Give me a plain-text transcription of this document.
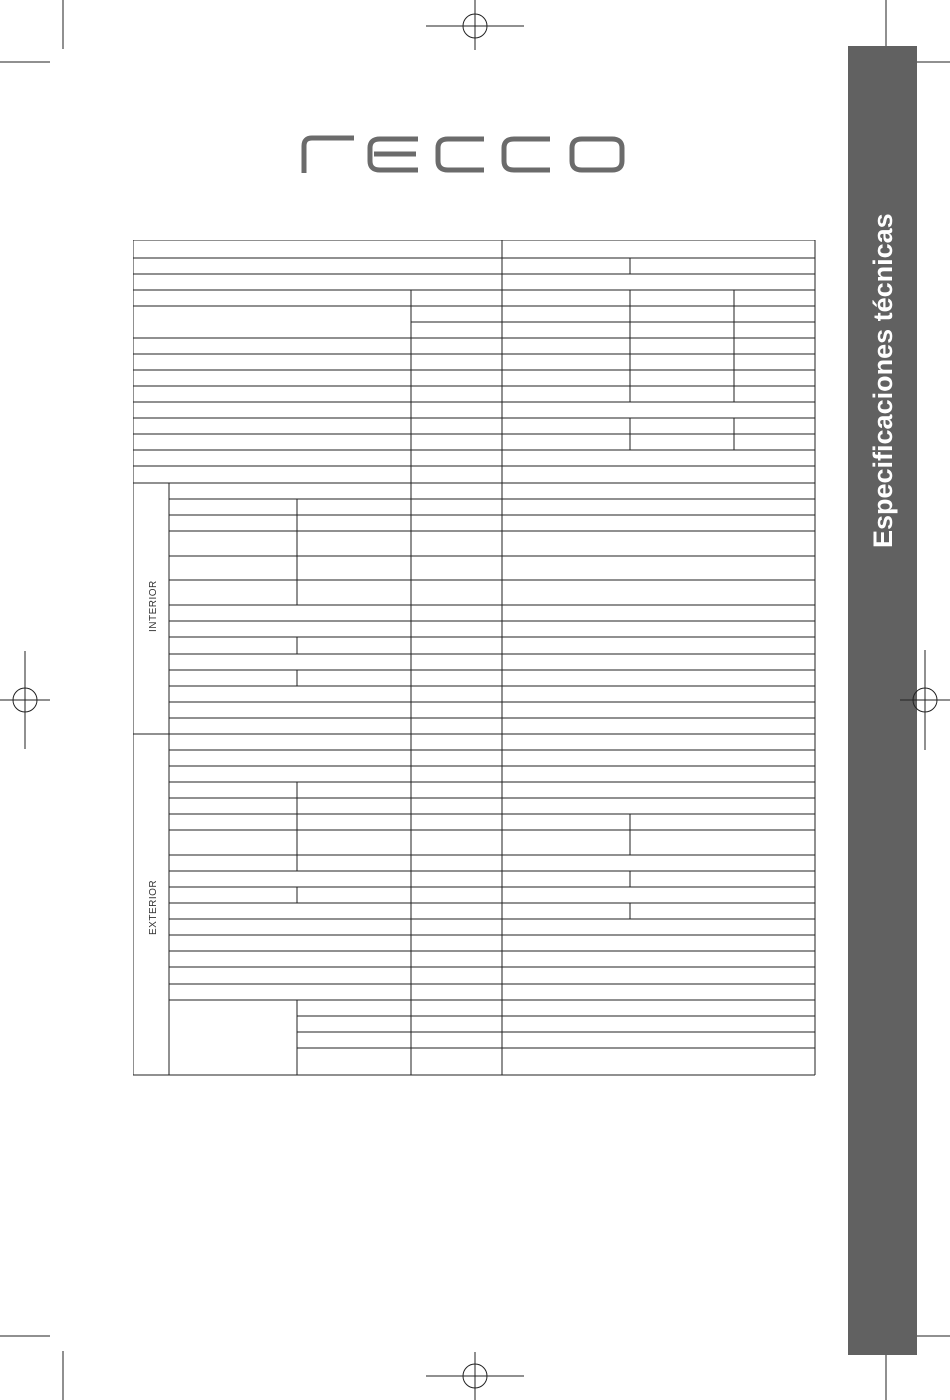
Especificaciones técnicas
INTERIOR
EXTERIOR
